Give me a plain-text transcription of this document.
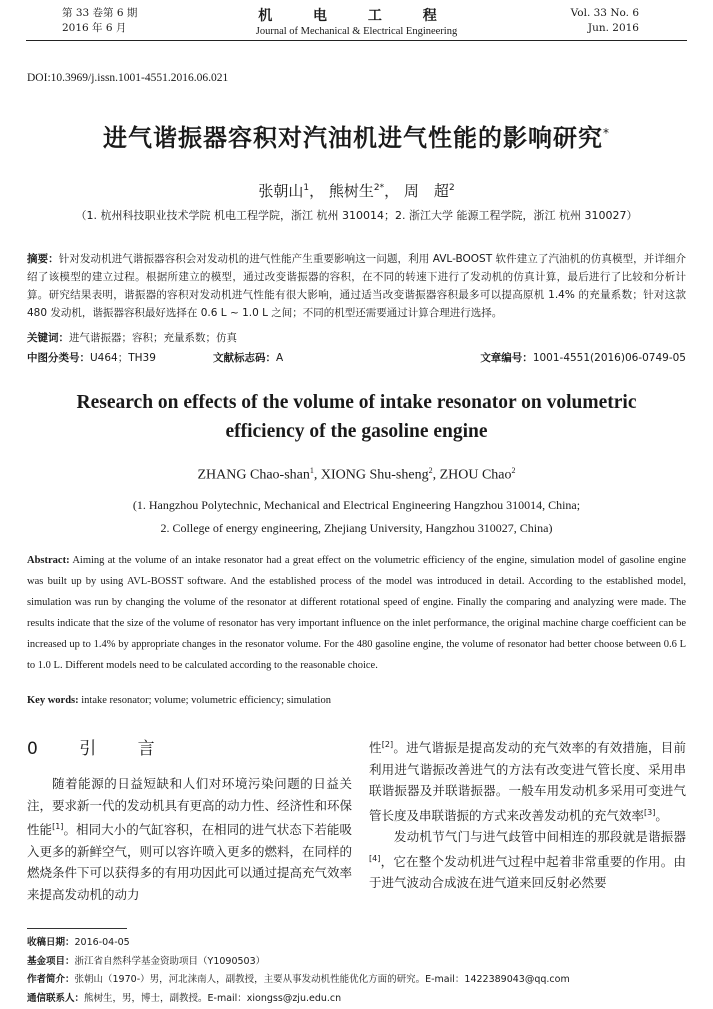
第 33 卷第 6 期
2016 年 6 月
机 电 工 程
Journal of Mechanical & Electrical Engineering
Vol. 33 No. 6
Jun. 2016
DOI:10.3969/j.issn.1001-4551.2016.06.021
进气谐振器容积对汽油机进气性能的影响研究*
张朝山$^1$， 熊树生$^{2*}$， 周　超$^2$
（1. 杭州科技职业技术学院 机电工程学院，浙江 杭州 310014；2. 浙江大学 能源工程学院，浙江 杭州 310027）
摘要：针对发动机进气谐振器容积会对发动机的进气性能产生重要影响这一问题，利用 AVL-BOOST 软件建立了汽油机的仿真模型，并详细介绍了该模型的建立过程。根据所建立的模型，通过改变谐振器的容积，在不同的转速下进行了发动机的仿真计算，最后进行了比较和分析计算。研究结果表明，谐振器的容积对发动机进气性能有很大影响，通过适当改变谐振器容积最多可以提高原机 1.4% 的充量系数；针对这款 480 发动机，谐振器容积最好选择在 0.6 L ~ 1.0 L 之间；不同的机型还需要通过计算合理进行选择。
关键词：进气谐振器；容积；充量系数；仿真
中图分类号：U464；TH39	文献标志码：A	文章编号：1001-4551(2016)06-0749-05
Research on effects of the volume of intake resonator on volumetric efficiency of the gasoline engine
ZHANG Chao-shan$^1$, XIONG Shu-sheng$^2$, ZHOU Chao$^2$
(1. Hangzhou Polytechnic, Mechanical and Electrical Engineering Hangzhou 310014, China;
2. College of energy engineering, Zhejiang University, Hangzhou 310027, China)
Abstract: Aiming at the volume of an intake resonator had a great effect on the volumetric efficiency of the engine, simulation model of gasoline engine was built up by using AVL-BOSST software. And the established process of the model was introduced in detail. According to the established model, simulation was run by changing the volume of the resonator at different rotational speed of engine. Finally the comparing and analyzing were made. The results indicate that the size of the volume of resonator has very important influence on the inlet performance, the original machine charge coefficient can be increased up to 1.4% by appropriate changes in the resonator volume. For the 480 gasoline engine, the volume of resonator had better choose between 0.6 L to 1.0 L. Different models need to be calculated according to the reasonable choice.
Key words: intake resonator; volume; volumetric efficiency; simulation
0 引 言

随着能源的日益短缺和人们对环境污染问题的日益关注，要求新一代的发动机具有更高的动力性、经济性和环保性能[1]。相同大小的气缸容积，在相同的进气状态下若能吸入更多的新鲜空气，则可以容许喷入更多的燃料，在同样的燃烧条件下可以获得多的有用功因此可以通过提高充气效率来提高发动机的动力

性[2]。进气谐振是提高发动的充气效率的有效措施，目前利用进气谐振改善进气的方法有改变进气管长度、采用串联谐振器及并联谐振器。一般车用发动机多采用可变进气管长度及串联谐振的方式来改善发动机的充气效率[3]。

发动机节气门与进气歧管中间相连的那段就是谐振器[4]，它在整个发动机进气过程中起着非常重要的作用。由于进气波动合成波在进气道来回反射必然要

收稿日期：2016-04-05
基金项目：浙江省自然科学基金资助项目（Y1090503）
作者简介：张朝山（1970-）男，河北涞南人，副教授，主要从事发动机性能优化方面的研究。E-mail：1422389043@qq.com
通信联系人：熊树生，男，博士，副教授。E-mail：xiongss@zju.edu.cn
